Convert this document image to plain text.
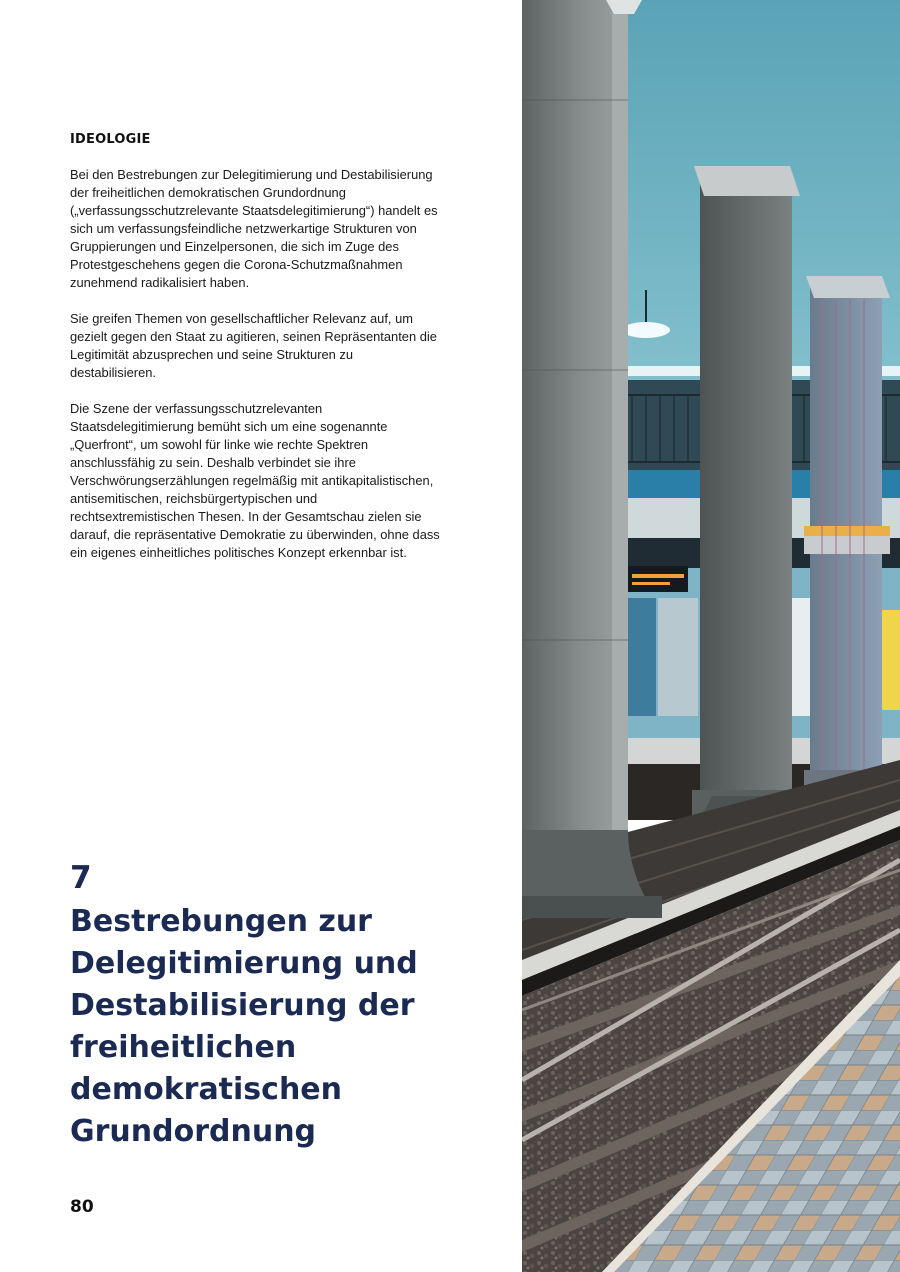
IDEOLOGIE

Bei den Bestrebungen zur Delegitimierung und Destabilisierung der freiheitlichen demokratischen Grundordnung („verfassungsschutzrelevante Staatsdelegitimierung“) handelt es sich um verfassungsfeindliche netzwerkartige Strukturen von Gruppierungen und Einzelpersonen, die sich im Zuge des Protestgeschehens gegen die Corona-Schutzmaßnahmen zunehmend radikalisiert haben.

Sie greifen Themen von gesellschaftlicher Relevanz auf, um gezielt gegen den Staat zu agitieren, seinen Repräsentanten die Legitimität abzusprechen und seine Strukturen zu destabilisieren.

Die Szene der verfassungsschutzrelevanten Staatsdelegitimierung bemüht sich um eine sogenannte „Querfront“, um sowohl für linke wie rechte Spektren anschlussfähig zu sein. Deshalb verbindet sie ihre Verschwörungserzählungen regelmäßig mit antikapitalistischen, antisemitischen, reichsbürgertypischen und rechtsextremistischen Thesen. In der Gesamtschau zielen sie darauf, die repräsentative Demokratie zu überwinden, ohne dass ein eigenes einheitliches politisches Konzept erkennbar ist.

7
Bestrebungen zur Delegitimierung und Destabilisierung der freiheitlichen demokratischen Grundordnung
80
